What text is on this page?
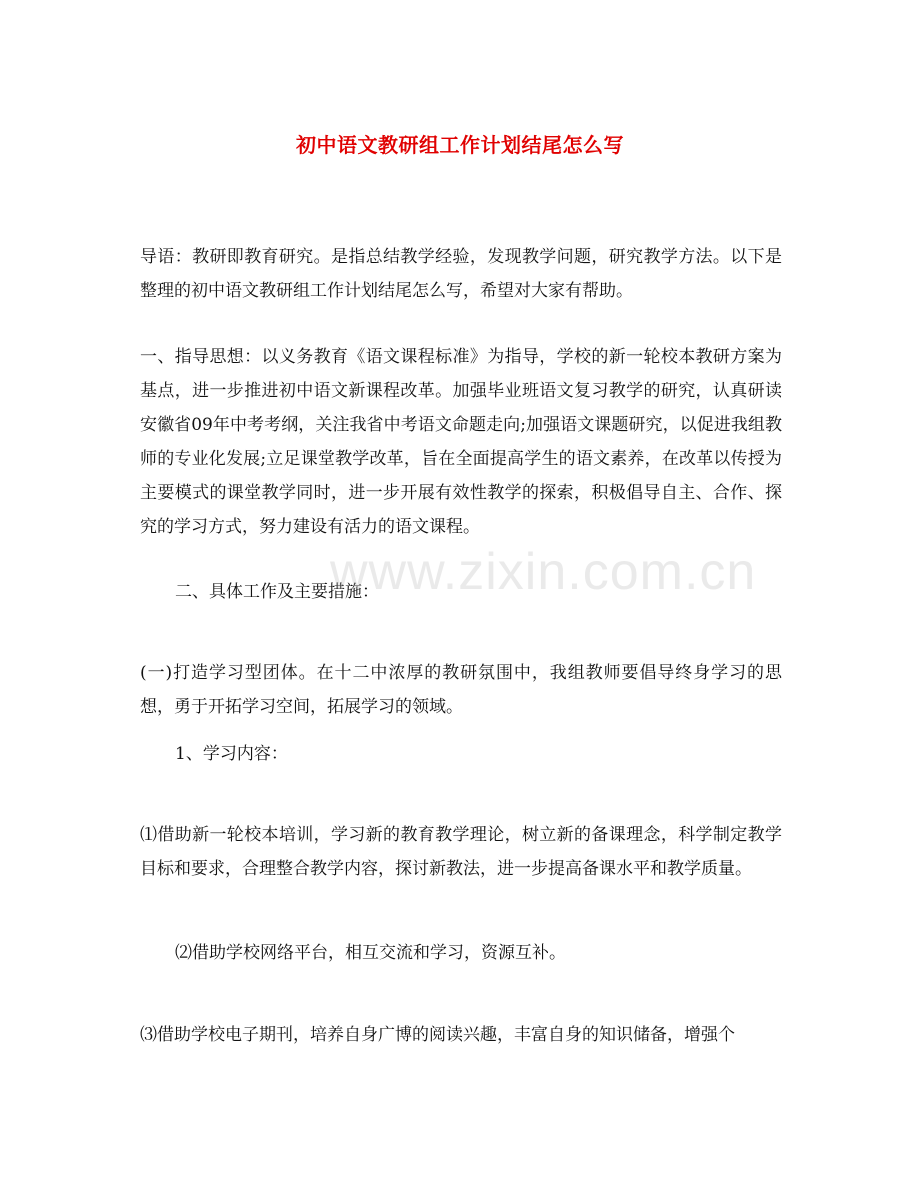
初中语文教研组工作计划结尾怎么写

导语：教研即教育研究。是指总结教学经验，发现教学问题，研究教学方法。以下是整理的初中语文教研组工作计划结尾怎么写，希望对大家有帮助。

一、指导思想：以义务教育《语文课程标准》为指导，学校的新一轮校本教研方案为基点，进一步推进初中语文新课程改革。加强毕业班语文复习教学的研究，认真研读安徽省09年中考考纲，关注我省中考语文命题走向;加强语文课题研究，以促进我组教师的专业化发展;立足课堂教学改革，旨在全面提高学生的语文素养，在改革以传授为主要模式的课堂教学同时，进一步开展有效性教学的探索，积极倡导自主、合作、探究的学习方式，努力建设有活力的语文课程。

二、具体工作及主要措施：

(一)打造学习型团体。在十二中浓厚的教研氛围中，我组教师要倡导终身学习的思想，勇于开拓学习空间，拓展学习的领域。

1、学习内容：

⑴借助新一轮校本培训，学习新的教育教学理论，树立新的备课理念，科学制定教学目标和要求，合理整合教学内容，探讨新教法，进一步提高备课水平和教学质量。

⑵借助学校网络平台，相互交流和学习，资源互补。

⑶借助学校电子期刊，培养自身广博的阅读兴趣，丰富自身的知识储备，增强个

www.zixin.com.cn
